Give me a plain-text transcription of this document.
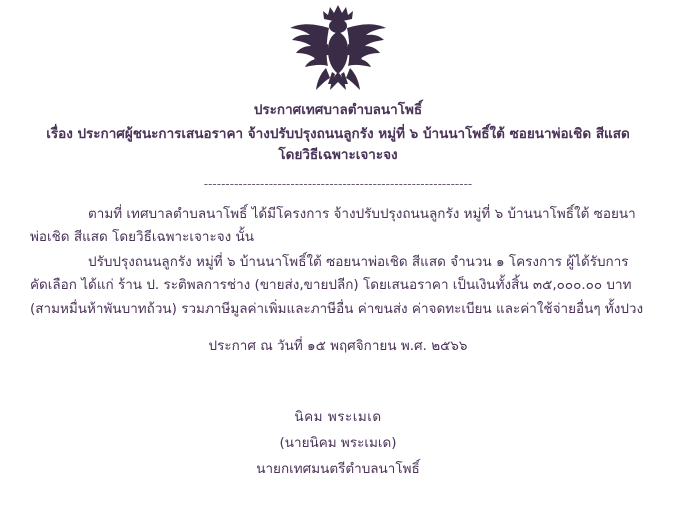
ประกาศเทศบาลตำบลนาโพธิ์
เรื่อง ประกาศผู้ชนะการเสนอราคา จ้างปรับปรุงถนนลูกรัง หมู่ที่ ๖ บ้านนาโพธิ์ใต้ ซอยนาพ่อเชิด สีแสด โดยวิธีเฉพาะเจาะจง
--------------------------------------------------------------

ตามที่ เทศบาลตำบลนาโพธิ์ ได้มีโครงการ จ้างปรับปรุงถนนลูกรัง หมู่ที่ ๖ บ้านนาโพธิ์ใต้ ซอยนาพ่อเชิด สีแสด โดยวิธีเฉพาะเจาะจง นั้น

ปรับปรุงถนนลูกรัง หมู่ที่ ๖ บ้านนาโพธิ์ใต้ ซอยนาพ่อเชิด สีแสด จำนวน ๑ โครงการ ผู้ได้รับการคัดเลือก ได้แก่ ร้าน ป. ระติพลการช่าง (ขายส่ง,ขายปลีก) โดยเสนอราคา เป็นเงินทั้งสิ้น ๓๕,๐๐๐.๐๐ บาท (สามหมื่นห้าพันบาทถ้วน) รวมภาษีมูลค่าเพิ่มและภาษีอื่น ค่าขนส่ง ค่าจดทะเบียน และค่าใช้จ่ายอื่นๆ ทั้งปวง

ประกาศ ณ วันที่ ๑๕ พฤศจิกายน พ.ศ. ๒๕๖๖
นิคม พระเมเด
(นายนิคม พระเมเด)
นายกเทศมนตรีตำบลนาโพธิ์
